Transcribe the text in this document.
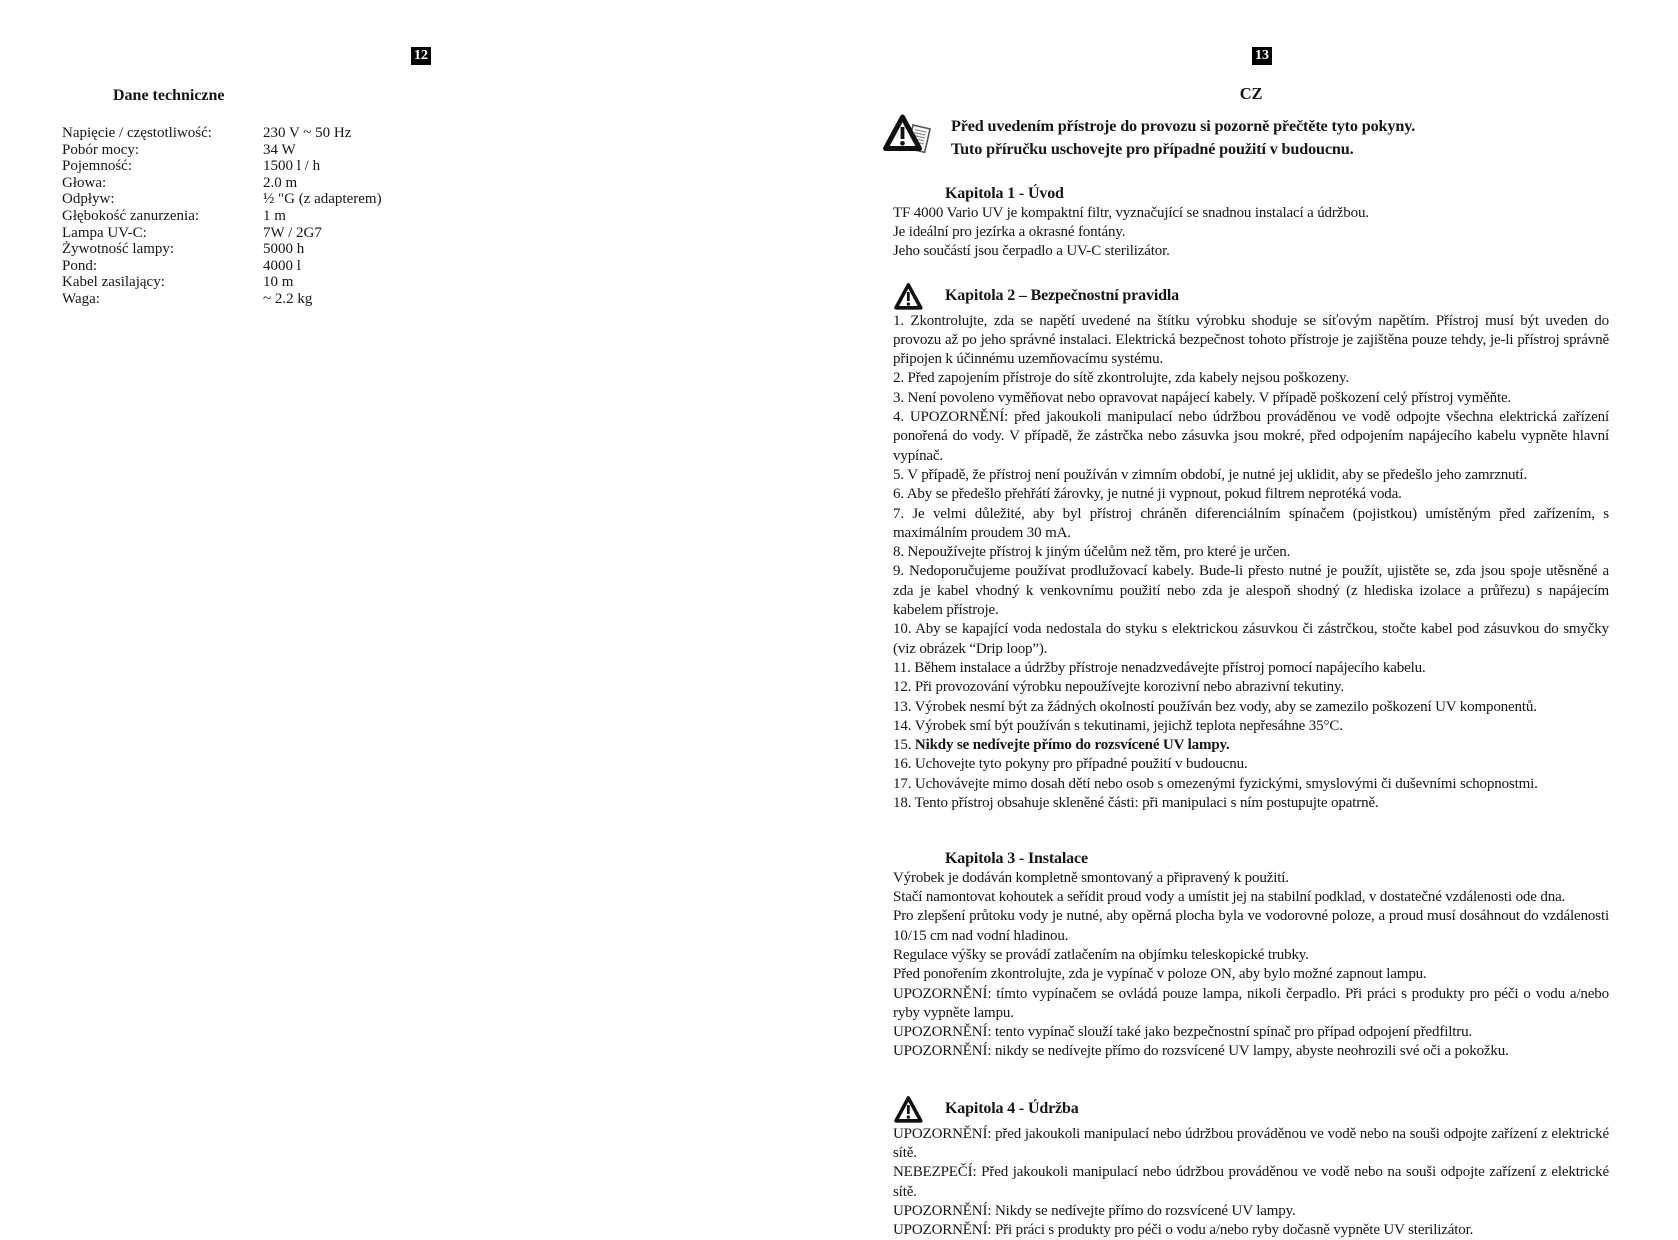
12	13
Dane techniczne
Napięcie / częstotliwość:	230 V ~ 50 Hz
Pobór mocy:	34 W
Pojemność:	1500 l / h
Głowa:	2.0 m
Odpływ:	½ "G (z adapterem)
Głębokość zanurzenia:	1 m
Lampa UV-C:	7W / 2G7
Żywotność lampy:	5000 h
Pond:	4000 l
Kabel zasilający:	10 m
Waga:	~ 2.2 kg
CZ

Před uvedením přístroje do provozu si pozorně přečtěte tyto pokyny.

Tuto příručku uschovejte pro případné použití v budoucnu.

Kapitola 1 - Úvod

TF 4000 Vario UV je kompaktní filtr, vyznačující se snadnou instalací a údržbou.

Je ideální pro jezírka a okrasné fontány.

Jeho součástí jsou čerpadlo a UV-C sterilizátor.

Kapitola 2 – Bezpečnostní pravidla

1. Zkontrolujte, zda se napětí uvedené na štítku výrobku shoduje se síťovým napětím. Přístroj musí být uveden do provozu až po jeho správné instalaci. Elektrická bezpečnost tohoto přístroje je zajištěna pouze tehdy, je-li přístroj správně připojen k účinnému uzemňovacímu systému.

2. Před zapojením přístroje do sítě zkontrolujte, zda kabely nejsou poškozeny.

3. Není povoleno vyměňovat nebo opravovat napájecí kabely. V případě poškození celý přístroj vyměňte.

4. UPOZORNĚNÍ: před jakoukoli manipulací nebo údržbou prováděnou ve vodě odpojte všechna elektrická zařízení ponořená do vody. V případě, že zástrčka nebo zásuvka jsou mokré, před odpojením napájecího kabelu vypněte hlavní vypínač.

5. V případě, že přístroj není používán v zimním období, je nutné jej uklidit, aby se předešlo jeho zamrznutí.

6. Aby se předešlo přehřátí žárovky, je nutné ji vypnout, pokud filtrem neprotéká voda.

7. Je velmi důležité, aby byl přístroj chráněn diferenciálním spínačem (pojistkou) umístěným před zařízením, s maximálním proudem 30 mA.

8. Nepoužívejte přístroj k jiným účelům než těm, pro které je určen.

9. Nedoporučujeme používat prodlužovací kabely. Bude-li přesto nutné je použít, ujistěte se, zda jsou spoje utěsněné a zda je kabel vhodný k venkovnímu použití nebo zda je alespoň shodný (z hlediska izolace a průřezu) s napájecím kabelem přístroje.

10. Aby se kapající voda nedostala do styku s elektrickou zásuvkou či zástrčkou, stočte kabel pod zásuvkou do smyčky (viz obrázek “Drip loop”).

11. Během instalace a údržby přístroje nenadzvedávejte přístroj pomocí napájecího kabelu.

12. Při provozování výrobku nepoužívejte korozivní nebo abrazivní tekutiny.

13. Výrobek nesmí být za žádných okolností používán bez vody, aby se zamezilo poškození UV komponentů.

14. Výrobek smí být používán s tekutinami, jejichž teplota nepřesáhne 35°C.

15. Nikdy se nedívejte přímo do rozsvícené UV lampy.

16. Uchovejte tyto pokyny pro případné použití v budoucnu.

17. Uchovávejte mimo dosah dětí nebo osob s omezenými fyzickými, smyslovými či duševními schopnostmi.

18. Tento přístroj obsahuje skleněné části: při manipulaci s ním postupujte opatrně.

Kapitola 3 - Instalace

Výrobek je dodáván kompletně smontovaný a připravený k použití.

Stačí namontovat kohoutek a seřídit proud vody a umístit jej na stabilní podklad, v dostatečné vzdálenosti ode dna.

Pro zlepšení průtoku vody je nutné, aby opěrná plocha byla ve vodorovné poloze, a proud musí dosáhnout do vzdálenosti 10/15 cm nad vodní hladinou.

Regulace výšky se provádí zatlačením na objímku teleskopické trubky.

Před ponořením zkontrolujte, zda je vypínač v poloze ON, aby bylo možné zapnout lampu.

UPOZORNĚNÍ: tímto vypínačem se ovládá pouze lampa, nikoli čerpadlo. Při práci s produkty pro péči o vodu a/nebo ryby vypněte lampu.

UPOZORNĚNÍ: tento vypínač slouží také jako bezpečnostní spínač pro případ odpojení předfiltru.

UPOZORNĚNÍ: nikdy se nedívejte přímo do rozsvícené UV lampy, abyste neohrozili své oči a pokožku.

Kapitola 4 - Údržba

UPOZORNĚNÍ: před jakoukoli manipulací nebo údržbou prováděnou ve vodě nebo na souši odpojte zařízení z elektrické sítě.

NEBEZPEČÍ: Před jakoukoli manipulací nebo údržbou prováděnou ve vodě nebo na souši odpojte zařízení z elektrické sítě.

UPOZORNĚNÍ: Nikdy se nedívejte přímo do rozsvícené UV lampy.

UPOZORNĚNÍ: Při práci s produkty pro péči o vodu a/nebo ryby dočasně vypněte UV sterilizátor.
